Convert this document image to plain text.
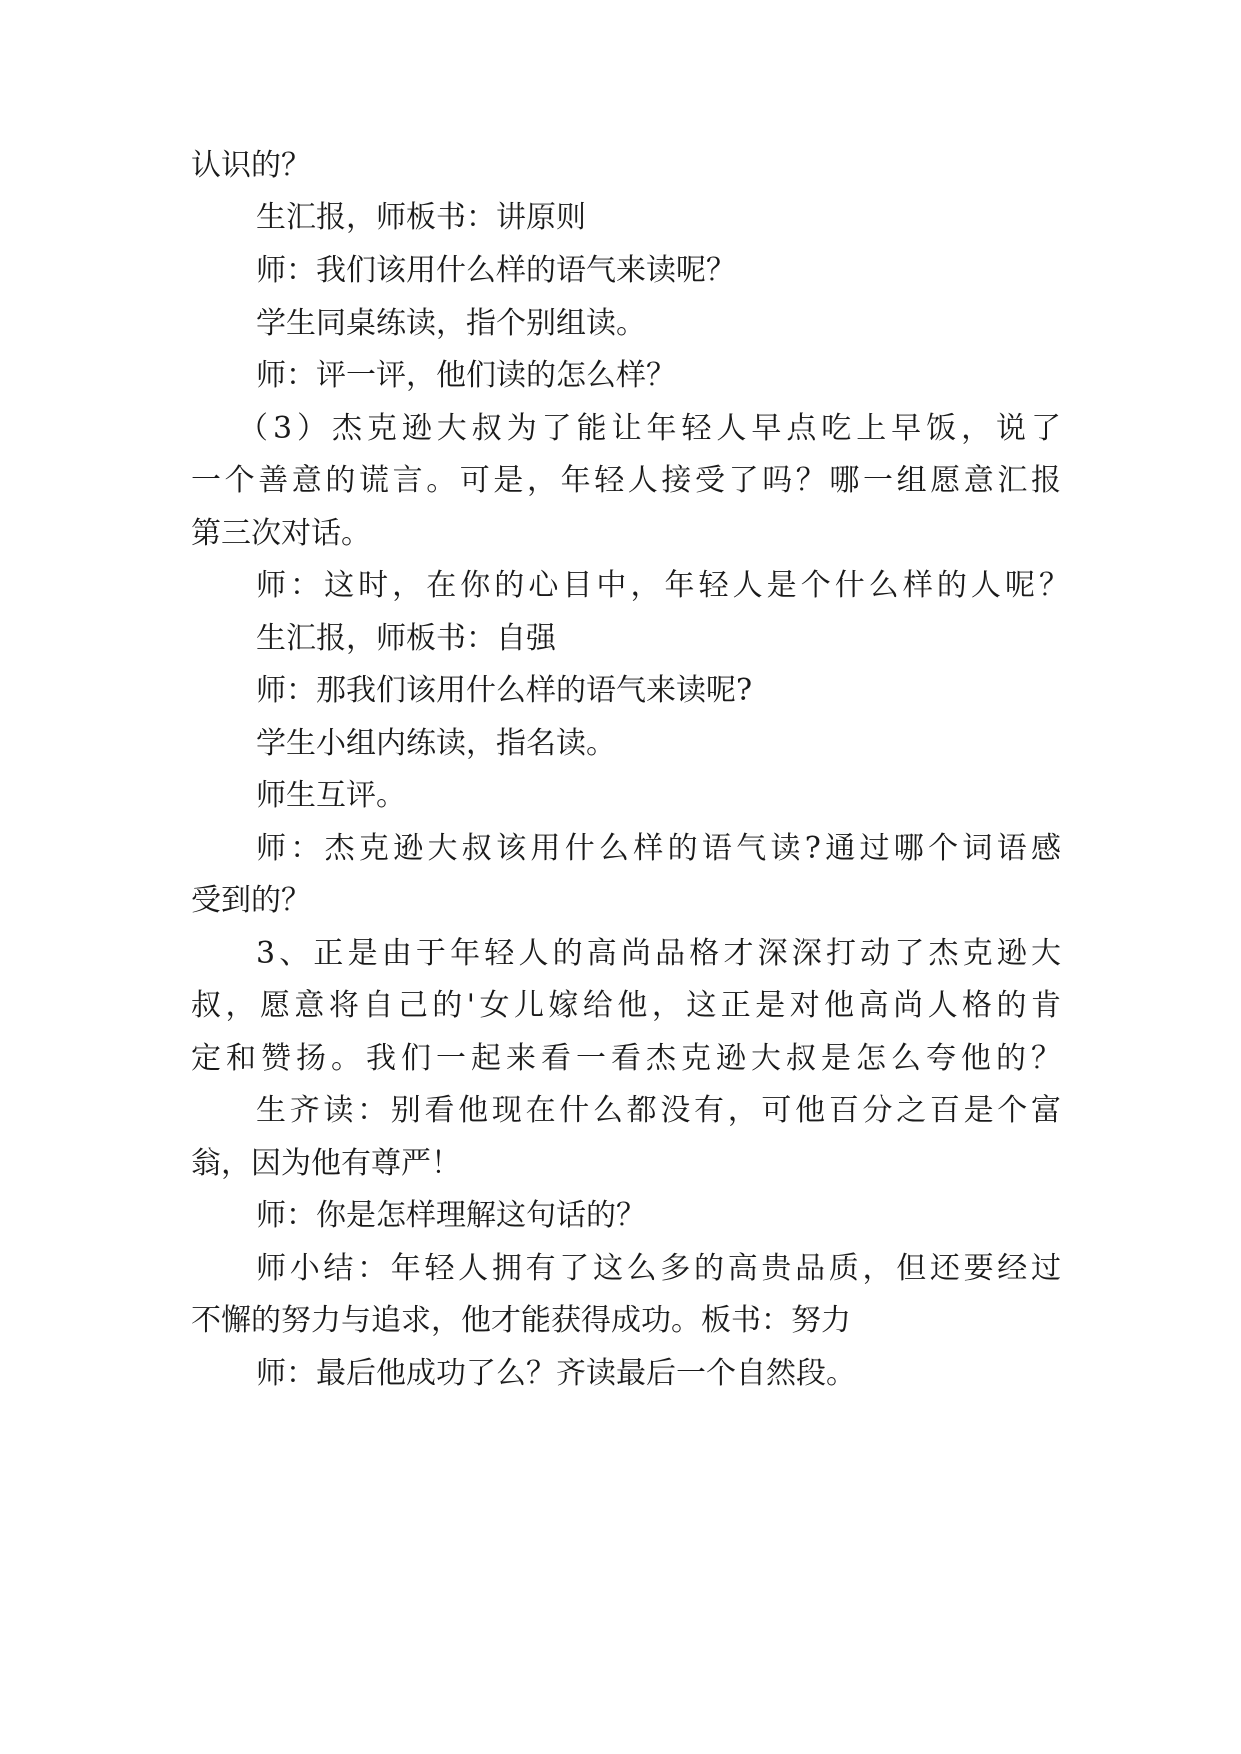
认识的？
生汇报，师板书：讲原则
师：我们该用什么样的语气来读呢？
学生同桌练读，指个别组读。
师：评一评，他们读的怎么样？
（3）杰克逊大叔为了能让年轻人早点吃上早饭，说了
一个善意的谎言。可是，年轻人接受了吗？哪一组愿意汇报
第三次对话。
师：这时，在你的心目中，年轻人是个什么样的人呢？
生汇报，师板书：自强
师：那我们该用什么样的语气来读呢?
学生小组内练读，指名读。
师生互评。
师：杰克逊大叔该用什么样的语气读?通过哪个词语感
受到的？
3、正是由于年轻人的高尚品格才深深打动了杰克逊大
叔，愿意将自己的'女儿嫁给他，这正是对他高尚人格的肯
定和赞扬。我们一起来看一看杰克逊大叔是怎么夸他的？
生齐读：别看他现在什么都没有，可他百分之百是个富
翁，因为他有尊严！
师：你是怎样理解这句话的？
师小结：年轻人拥有了这么多的高贵品质，但还要经过
不懈的努力与追求，他才能获得成功。板书：努力
师：最后他成功了么？齐读最后一个自然段。
